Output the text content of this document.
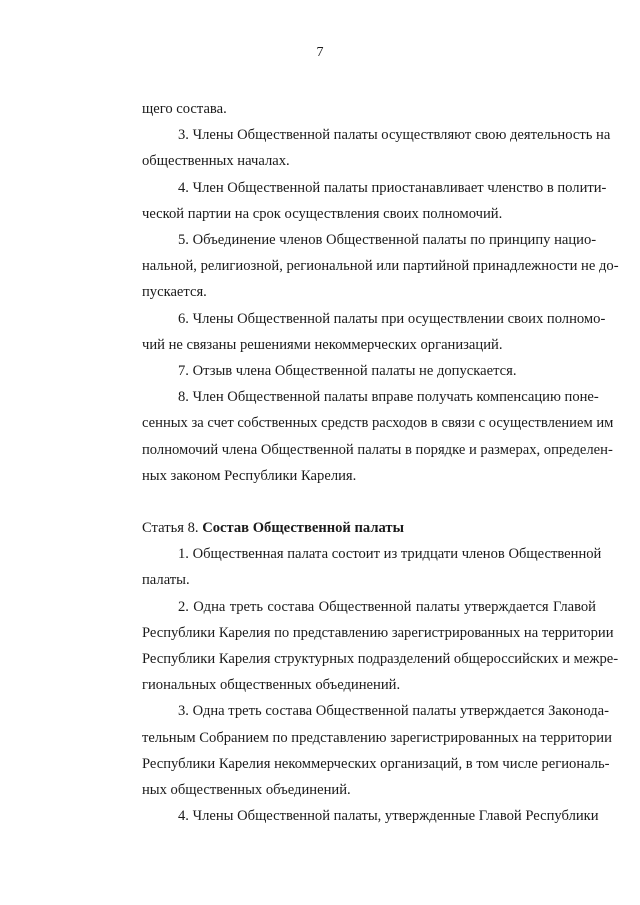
7
щего состава.
3. Члены Общественной палаты осуществляют свою деятельность на
общественных началах.
4. Член Общественной палаты приостанавливает членство в полити-
ческой партии на срок осуществления своих полномочий.
5. Объединение членов Общественной палаты по принципу нацио-
нальной, религиозной, региональной или партийной принадлежности не до-
пускается.
6. Члены Общественной палаты при осуществлении своих полномо-
чий не связаны решениями некоммерческих организаций.
7. Отзыв члена Общественной палаты не допускается.
8. Член Общественной палаты вправе получать компенсацию поне-
сенных за счет собственных средств расходов в связи с осуществлением им
полномочий члена Общественной палаты в порядке и размерах, определен-
ных законом Республики Карелия.
Статья 8. Состав Общественной палаты
1. Общественная палата состоит из тридцати членов Общественной
палаты.
2. Одна треть состава Общественной палаты утверждается Главой
Республики Карелия по представлению зарегистрированных на территории
Республики Карелия структурных подразделений общероссийских и межре-
гиональных общественных объединений.
3. Одна треть состава Общественной палаты утверждается Законода-
тельным Собранием по представлению зарегистрированных на территории
Республики Карелия некоммерческих организаций, в том числе региональ-
ных общественных объединений.
4. Члены Общественной палаты, утвержденные Главой Республики
